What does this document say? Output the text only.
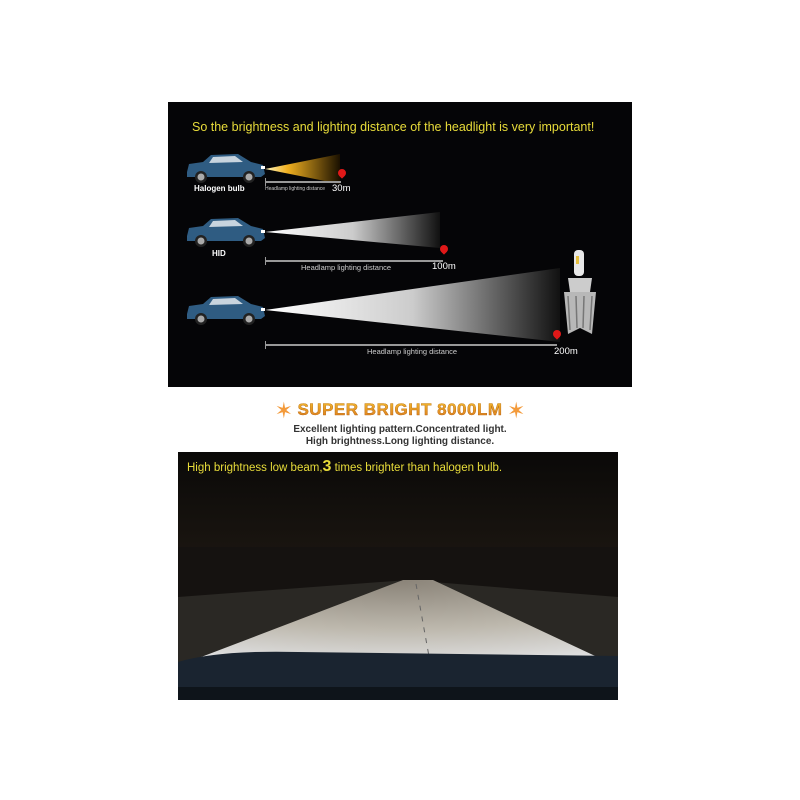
So the brightness and lighting distance of the headlight is very important!
Halogen bulb	Headlamp lighting distance 30m
HID
Headlamp lighting distance	100m
Headlamp lighting distance	200m
✶ SUPER BRIGHT 8000LM ✶
Excellent lighting pattern.Concentrated light.
High brightness.Long lighting distance.
High brightness low beam,3 times brighter than halogen bulb.
